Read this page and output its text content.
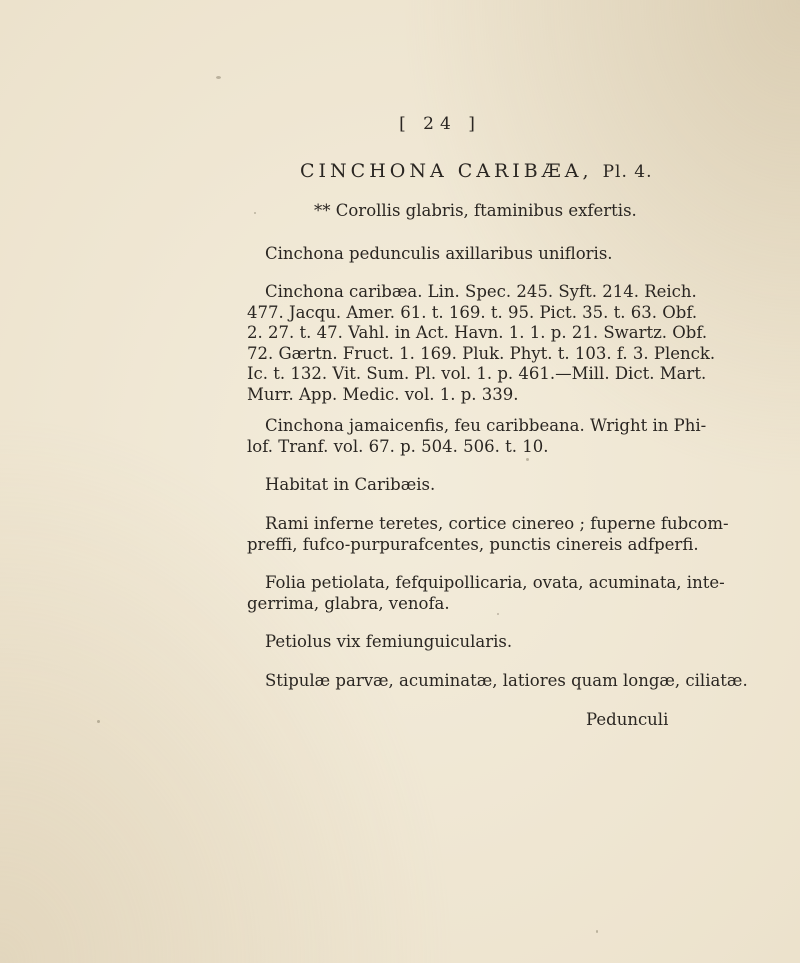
[ 24 ]
CINCHONA CARIBÆA, Pl. 4.
** Corollis glabris, ftaminibus exfertis.

Cinchona pedunculis axillaribus unifloris.

Cinchona caribæa. Lin. Spec. 245. Syft. 214. Reich.
477. Jacqu. Amer. 61. t. 169. t. 95. Pict. 35. t. 63. Obf.
2. 27. t. 47. Vahl. in Act. Havn. 1. 1. p. 21. Swartz. Obf.
72. Gærtn. Fruct. 1. 169. Pluk. Phyt. t. 103. f. 3. Plenck.
Ic. t. 132. Vit. Sum. Pl. vol. 1. p. 461.—Mill. Dict. Mart.
Murr. App. Medic. vol. 1. p. 339.

Cinchona jamaicenfis, feu caribbeana. Wright in Phi-
lof. Tranf. vol. 67. p. 504. 506. t. 10.

Habitat in Caribæis.

Rami inferne teretes, cortice cinereo ; fuperne fubcom-
preffi, fufco-purpurafcentes, punctis cinereis adfperfi.

Folia petiolata, fefquipollicaria, ovata, acuminata, inte-
gerrima, glabra, venofa.

Petiolus vix femiunguicularis.

Stipulæ parvæ, acuminatæ, latiores quam longæ, ciliatæ.

Pedunculi
